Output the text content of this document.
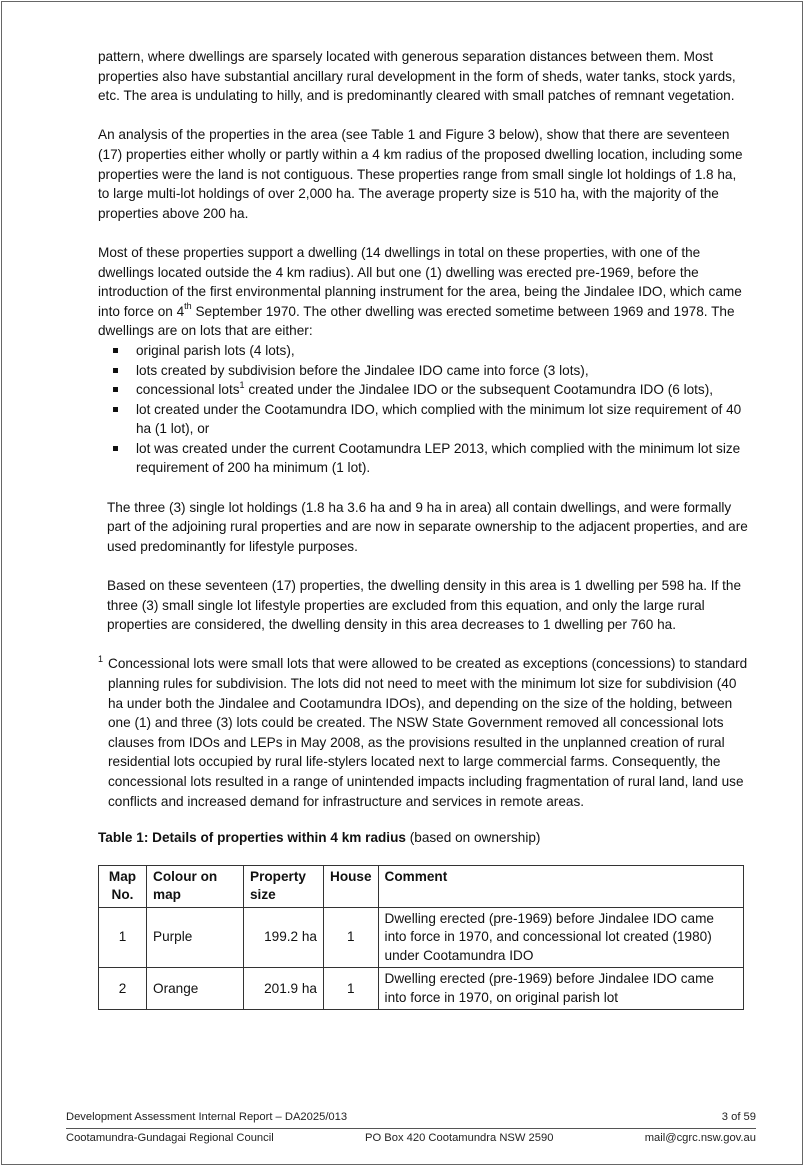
pattern, where dwellings are sparsely located with generous separation distances between them. Most properties also have substantial ancillary rural development in the form of sheds, water tanks, stock yards, etc. The area is undulating to hilly, and is predominantly cleared with small patches of remnant vegetation.

An analysis of the properties in the area (see Table 1 and Figure 3 below), show that there are seventeen (17) properties either wholly or partly within a 4 km radius of the proposed dwelling location, including some properties were the land is not contiguous. These properties range from small single lot holdings of 1.8 ha, to large multi-lot holdings of over 2,000 ha. The average property size is 510 ha, with the majority of the properties above 200 ha.

Most of these properties support a dwelling (14 dwellings in total on these properties, with one of the dwellings located outside the 4 km radius). All but one (1) dwelling was erected pre-1969, before the introduction of the first environmental planning instrument for the area, being the Jindalee IDO, which came into force on 4th September 1970. The other dwelling was erected sometime between 1969 and 1978. The dwellings are on lots that are either:

original parish lots (4 lots),
lots created by subdivision before the Jindalee IDO came into force (3 lots),
concessional lots$^1$ created under the Jindalee IDO or the subsequent Cootamundra IDO (6 lots),
lot created under the Cootamundra IDO, which complied with the minimum lot size requirement of 40 ha (1 lot), or
lot was created under the current Cootamundra LEP 2013, which complied with the minimum lot size requirement of 200 ha minimum (1 lot).

The three (3) single lot holdings (1.8 ha 3.6 ha and 9 ha in area) all contain dwellings, and were formally part of the adjoining rural properties and are now in separate ownership to the adjacent properties, and are used predominantly for lifestyle purposes.

Based on these seventeen (17) properties, the dwelling density in this area is 1 dwelling per 598 ha. If the three (3) small single lot lifestyle properties are excluded from this equation, and only the large rural properties are considered, the dwelling density in this area decreases to 1 dwelling per 760 ha.

1 Concessional lots were small lots that were allowed to be created as exceptions (concessions) to standard planning rules for subdivision. The lots did not need to meet with the minimum lot size for subdivision (40 ha under both the Jindalee and Cootamundra IDOs), and depending on the size of the holding, between one (1) and three (3) lots could be created. The NSW State Government removed all concessional lots clauses from IDOs and LEPs in May 2008, as the provisions resulted in the unplanned creation of rural residential lots occupied by rural life-stylers located next to large commercial farms. Consequently, the concessional lots resulted in a range of unintended impacts including fragmentation of rural land, land use conflicts and increased demand for infrastructure and services in remote areas.

Table 1: Details of properties within 4 km radius (based on ownership)

Map No.	Colour on map	Property size	House	Comment
1	Purple	199.2 ha	1	Dwelling erected (pre-1969) before Jindalee IDO came into force in 1970, and concessional lot created (1980) under Cootamundra IDO
2	Orange	201.9 ha	1	Dwelling erected (pre-1969) before Jindalee IDO came into force in 1970, on original parish lot
Development Assessment Internal Report – DA2025/013	3 of 59
Cootamundra-Gundagai Regional Council	PO Box 420 Cootamundra NSW 2590	mail@cgrc.nsw.gov.au
